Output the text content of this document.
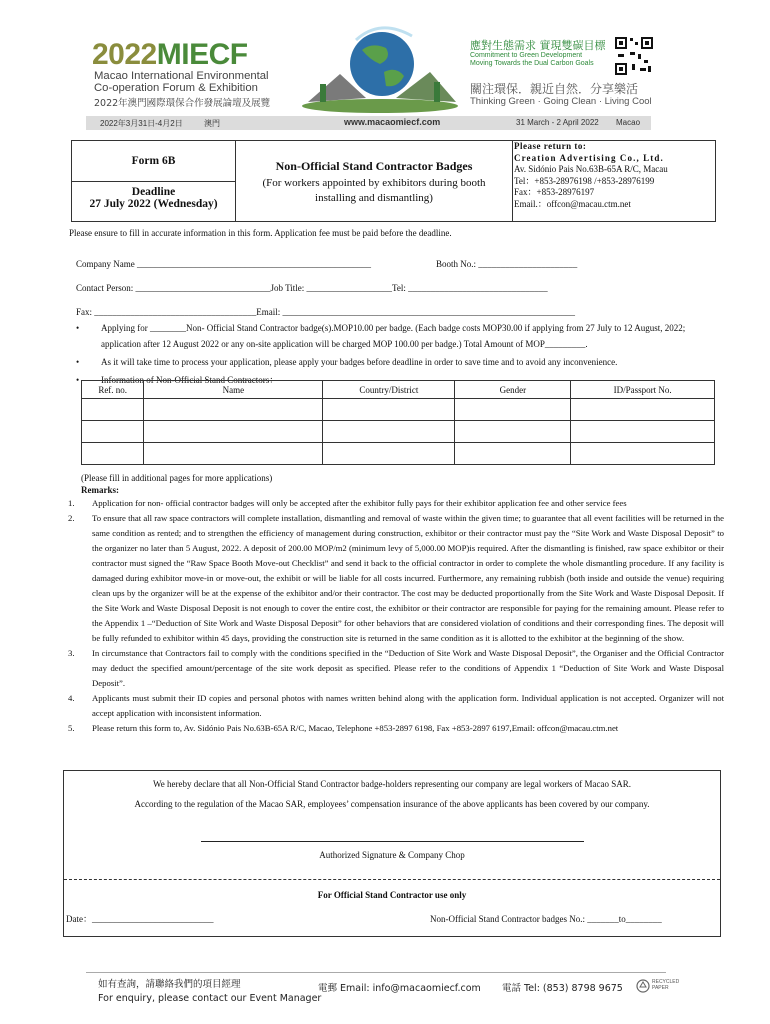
2022MIECF
Macao International Environmental
Co-operation Forum & Exhibition
2022年澳門國際環保合作發展論壇及展覽
應對生態需求 實現雙碳目標
Commitment to Green Development
Moving Towards the Dual Carbon Goals
關注環保．親近自然．分享樂活
Thinking Green · Going Clean · Living Cool
2022年3月31日-4月2日	澳門	www.macaomiecf.com	31 March - 2 April 2022 Macao
Form 6B
Deadline
27 July 2022 (Wednesday)
Non-Official Stand Contractor Badges
(For workers appointed by exhibitors during booth installing and dismantling)
Please return to:
Creation Advertising Co., Ltd.
Av. Sidónio Pais No.63B-65A R/C, Macau
Tel：+853-28976198 /+853-28976199
Fax：+853-28976197
Email.：offcon@macau.ctm.net
Please ensure to fill in accurate information in this form. Application fee must be paid before the deadline.
Company Name ____________________________________________________	Booth No.: ______________________
Contact Person: ______________________________Job Title: ___________________Tel: _______________________________
Fax: ____________________________________Email: _________________________________________________________________
• Applying for ________Non- Official Stand Contractor badge(s).MOP10.00 per badge. (Each badge costs MOP30.00 if applying from 27 July to 12 August, 2022; application after 12 August 2022 or any on-site application will be charged MOP 100.00 per badge.) Total Amount of MOP_________.
• As it will take time to process your application, please apply your badges before deadline in order to save time and to avoid any inconvenience.
• Information of Non-Official Stand Contractors：
Ref. no.	Name	Country/District	Gender	ID/Passport No.

(Please fill in additional pages for more applications)
Remarks:
1. Application for non- official contractor badges will only be accepted after the exhibitor fully pays for their exhibitor application fee and other service fees
2. To ensure that all raw space contractors will complete installation, dismantling and removal of waste within the given time; to guarantee that all event facilities will be returned in the same condition as rented; and to strengthen the efficiency of management during construction, exhibitor or their contractor must pay the “Site Work and Waste Disposal Deposit” to the organizer no later than 5 August, 2022. A deposit of 200.00 MOP/m2 (minimum levy of 5,000.00 MOP)is required. After the dismantling is finished, raw space exhibitor or their contractor must signed the “Raw Space Booth Move-out Checklist” and send it back to the official contractor in order to complete the whole dismantling procedure. If any facility is damaged during exhibitor move-in or move-out, the exhibit or will be liable for all costs incurred. Furthermore, any remaining rubbish (both inside and outside the venue) requiring clean ups by the organizer will be at the expense of the exhibitor and/or their contractor. The cost may be deducted proportionally from the Site Work and Waste Disposal Deposit. If the Site Work and Waste Disposal Deposit is not enough to cover the entire cost, the exhibitor or their contractor are responsible for paying for the remaining amount. Please refer to the Appendix 1 –“Deduction of Site Work and Waste Disposal Deposit” for other behaviors that are considered violation of conditions and their corresponding fines. The deposit will be fully refunded to exhibitor within 45 days, providing the construction site is returned in the same condition as it is allotted to the exhibitor at the beginning of the show.
3. In circumstance that Contractors fail to comply with the conditions specified in the “Deduction of Site Work and Waste Disposal Deposit”, the Organiser and the Official Contractor may deduct the specified amount/percentage of the site work deposit as specified. Please refer to the conditions of Appendix 1 “Deduction of Site Work and Waste Disposal Deposit”.
4. Applicants must submit their ID copies and personal photos with names written behind along with the application form. Individual application is not accepted. Organizer will not accept application with inconsistent information.
5. Please return this form to, Av. Sidónio Pais No.63B-65A R/C, Macao, Telephone +853-2897 6198, Fax +853-2897 6197,Email: offcon@macau.ctm.net
We hereby declare that all Non-Official Stand Contractor badge-holders representing our company are legal workers of Macao SAR.
According to the regulation of the Macao SAR, employees’ compensation insurance of the above applicants has been covered by our company.
Authorized Signature & Company Chop
For Official Stand Contractor use only
Date：___________________________	Non-Official Stand Contractor badges No.: _______to________
如有查詢，請聯絡我們的項目經理
For enquiry, please contact our Event Manager
電郵 Email: info@macaomiecf.com 電話 Tel: (853) 8798 9675
RECYCLED PAPER
